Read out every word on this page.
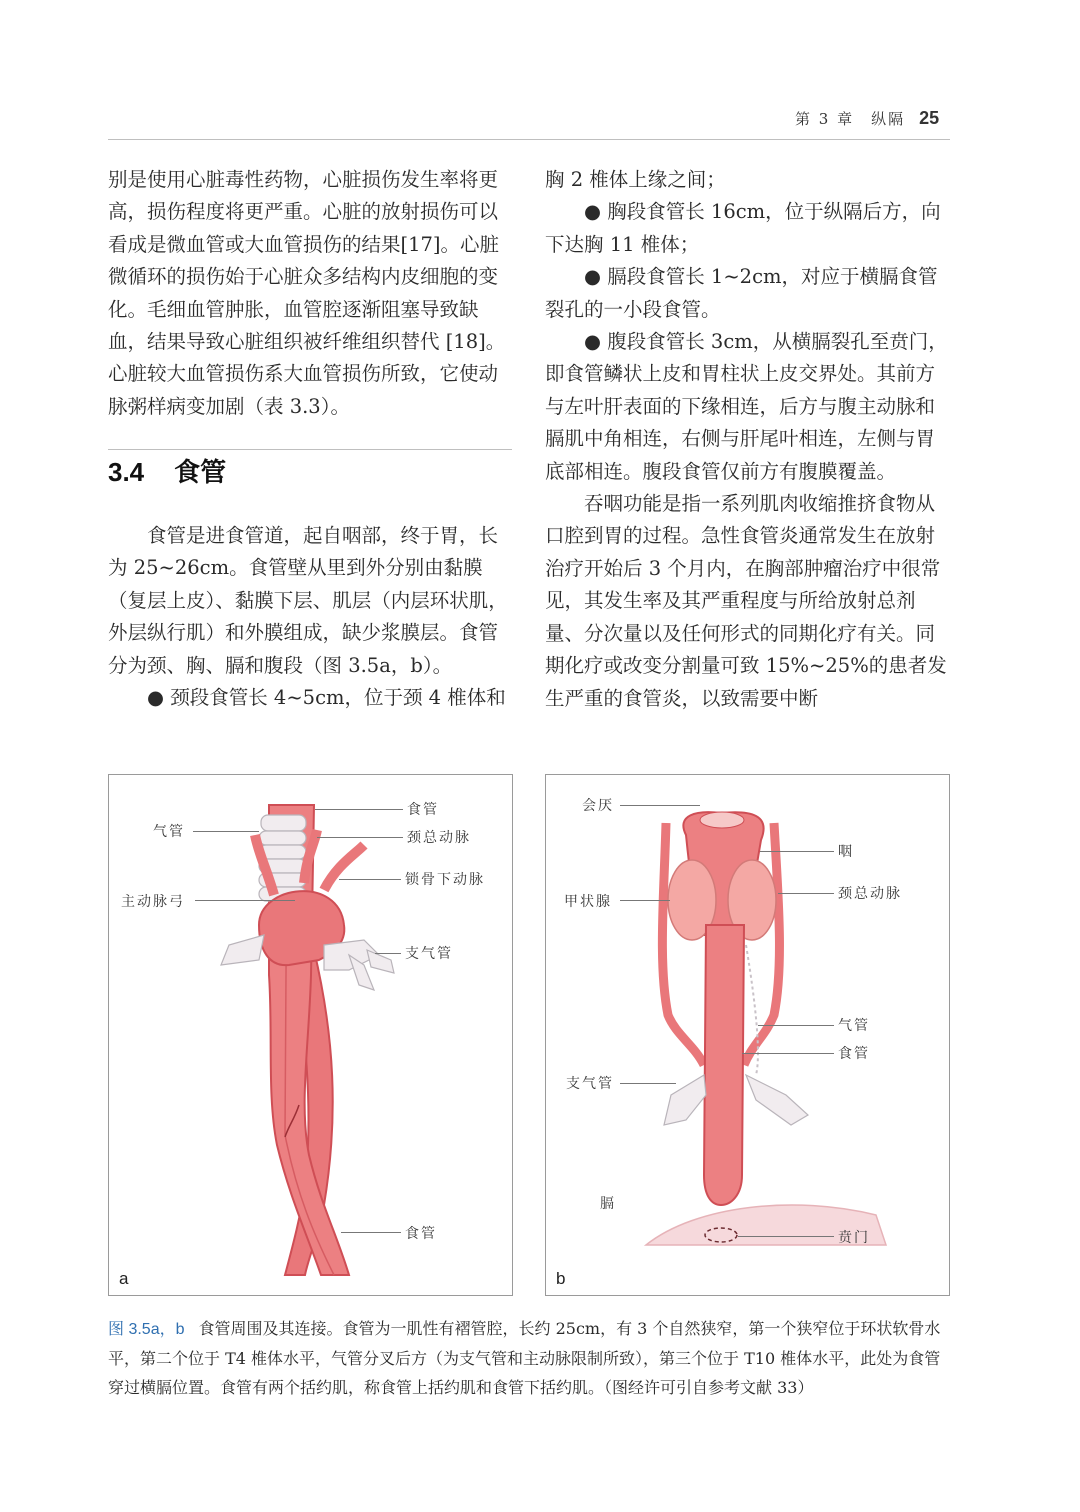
第 3 章　纵隔 25

别是使用心脏毒性药物，心脏损伤发生率将更高，损伤程度将更严重。心脏的放射损伤可以看成是微血管或大血管损伤的结果[17]。心脏微循环的损伤始于心脏众多结构内皮细胞的变化。毛细血管肿胀，血管腔逐渐阻塞导致缺血，结果导致心脏组织被纤维组织替代 [18]。心脏较大血管损伤系大血管损伤所致，它使动脉粥样病变加剧（表 3.3）。

3.4 食管

食管是进食管道，起自咽部，终于胃，长为 25~26cm。食管壁从里到外分别由黏膜（复层上皮）、黏膜下层、肌层（内层环状肌，外层纵行肌）和外膜组成，缺少浆膜层。食管分为颈、胸、膈和腹段（图 3.5a，b）。

● 颈段食管长 4~5cm，位于颈 4 椎体和

胸 2 椎体上缘之间；

● 胸段食管长 16cm，位于纵隔后方，向下达胸 11 椎体；

● 膈段食管长 1~2cm，对应于横膈食管裂孔的一小段食管。

● 腹段食管长 3cm，从横膈裂孔至贲门，即食管鳞状上皮和胃柱状上皮交界处。其前方与左叶肝表面的下缘相连，后方与腹主动脉和膈肌中角相连，右侧与肝尾叶相连，左侧与胃底部相连。腹段食管仅前方有腹膜覆盖。

吞咽功能是指一系列肌肉收缩推挤食物从口腔到胃的过程。急性食管炎通常发生在放射治疗开始后 3 个月内，在胸部肿瘤治疗中很常见，其发生率及其严重程度与所给放射总剂量、分次量以及任何形式的同期化疗有关。同期化疗或改变分割量可致 15%~25%的患者发生严重的食管炎，以致需要中断

食管
颈总动脉
气管
锁骨下动脉
主动脉弓
支气管
食管
a
会厌
咽
甲状腺	颈总动脉
气管
食管
支气管
膈
贲门
b
图 3.5a，b 食管周围及其连接。食管为一肌性有褶管腔，长约 25cm，有 3 个自然狭窄，第一个狭窄位于环状软骨水平，第二个位于 T4 椎体水平，气管分叉后方（为支气管和主动脉限制所致），第三个位于 T10 椎体水平，此处为食管穿过横膈位置。食管有两个括约肌，称食管上括约肌和食管下括约肌。（图经许可引自参考文献 33）
